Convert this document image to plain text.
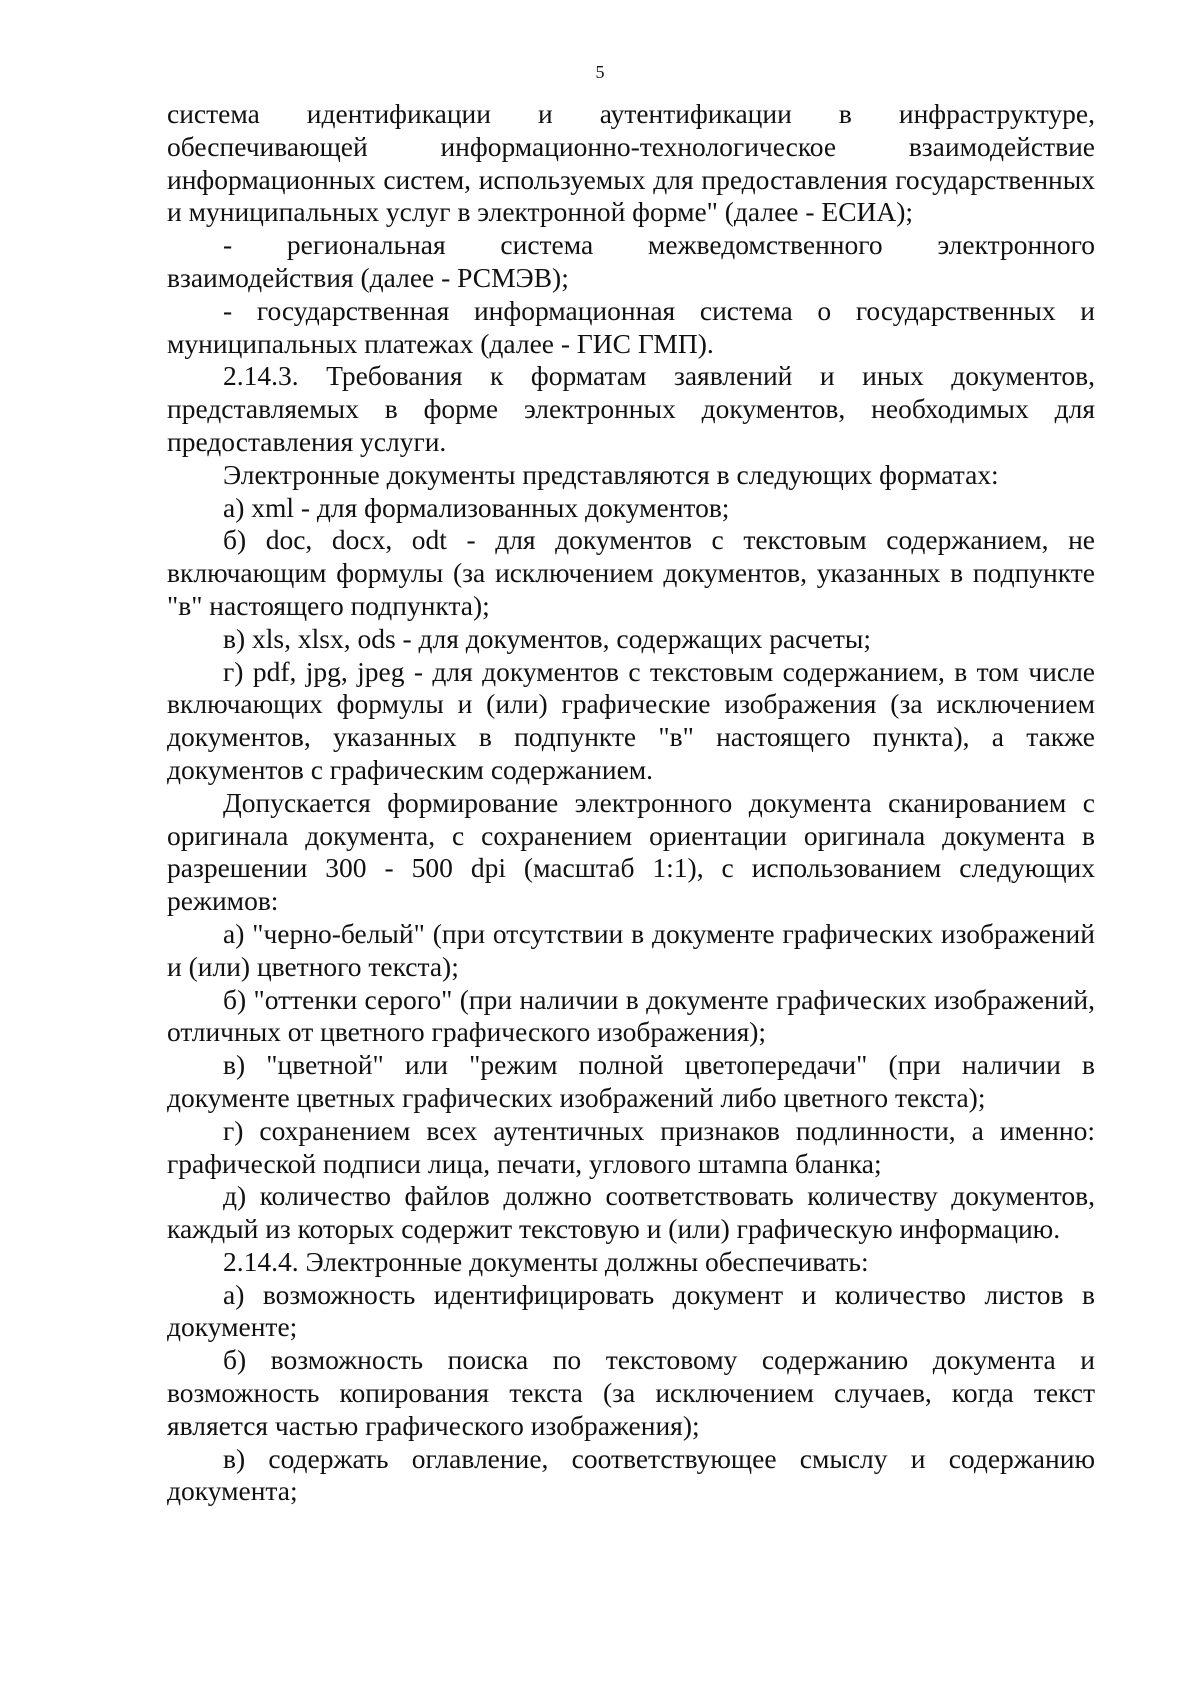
5

система идентификации и аутентификации в инфраструктуре, обеспечивающей информационно-технологическое взаимодействие информационных систем, используемых для предоставления государственных и муниципальных услуг в электронной форме" (далее - ЕСИА);

- региональная система межведомственного электронного взаимодействия (далее - РСМЭВ);

- государственная информационная система о государственных и муниципальных платежах (далее - ГИС ГМП).

2.14.3. Требования к форматам заявлений и иных документов, представляемых в форме электронных документов, необходимых для предоставления услуги.

Электронные документы представляются в следующих форматах:

а) xml - для формализованных документов;

б) doc, docx, odt - для документов с текстовым содержанием, не включающим формулы (за исключением документов, указанных в подпункте "в" настоящего подпункта);

в) xls, xlsx, ods - для документов, содержащих расчеты;

г) pdf, jpg, jpeg - для документов с текстовым содержанием, в том числе включающих формулы и (или) графические изображения (за исключением документов, указанных в подпункте "в" настоящего пункта), а также документов с графическим содержанием.

Допускается формирование электронного документа сканированием с оригинала документа, с сохранением ориентации оригинала документа в разрешении 300 - 500 dpi (масштаб 1:1), с использованием следующих режимов:

а) "черно-белый" (при отсутствии в документе графических изображений и (или) цветного текста);

б) "оттенки серого" (при наличии в документе графических изображений, отличных от цветного графического изображения);

в) "цветной" или "режим полной цветопередачи" (при наличии в документе цветных графических изображений либо цветного текста);

г) сохранением всех аутентичных признаков подлинности, а именно: графической подписи лица, печати, углового штампа бланка;

д) количество файлов должно соответствовать количеству документов, каждый из которых содержит текстовую и (или) графическую информацию.

2.14.4. Электронные документы должны обеспечивать:

а) возможность идентифицировать документ и количество листов в документе;

б) возможность поиска по текстовому содержанию документа и возможность копирования текста (за исключением случаев, когда текст является частью графического изображения);

в) содержать оглавление, соответствующее смыслу и содержанию документа;
